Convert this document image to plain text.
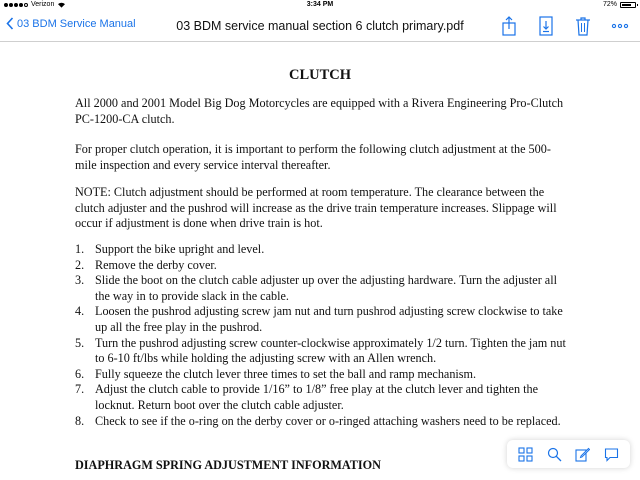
Verizon	3:34 PM	72%
03 BDM Service Manual	03 BDM service manual section 6 clutch primary.pdf
CLUTCH

All 2000 and 2001 Model Big Dog Motorcycles are equipped with a Rivera Engineering Pro-Clutch PC-1200-CA clutch.

For proper clutch operation, it is important to perform the following clutch adjustment at the 500-mile inspection and every service interval thereafter.

NOTE: Clutch adjustment should be performed at room temperature. The clearance between the clutch adjuster and the pushrod will increase as the drive train temperature increases. Slippage will occur if adjustment is done when drive train is hot.

1. Support the bike upright and level.
2. Remove the derby cover.
3. Slide the boot on the clutch cable adjuster up over the adjusting hardware. Turn the adjuster all the way in to provide slack in the cable.
4. Loosen the pushrod adjusting screw jam nut and turn pushrod adjusting screw clockwise to take up all the free play in the pushrod.
5. Turn the pushrod adjusting screw counter-clockwise approximately 1/2 turn. Tighten the jam nut to 6-10 ft/lbs while holding the adjusting screw with an Allen wrench.
6. Fully squeeze the clutch lever three times to set the ball and ramp mechanism.
7. Adjust the clutch cable to provide 1/16” to 1/8” free play at the clutch lever and tighten the locknut. Return boot over the clutch cable adjuster.
8. Check to see if the o-ring on the derby cover or o-ringed attaching washers need to be replaced.
DIAPHRAGM SPRING ADJUSTMENT INFORMATION
